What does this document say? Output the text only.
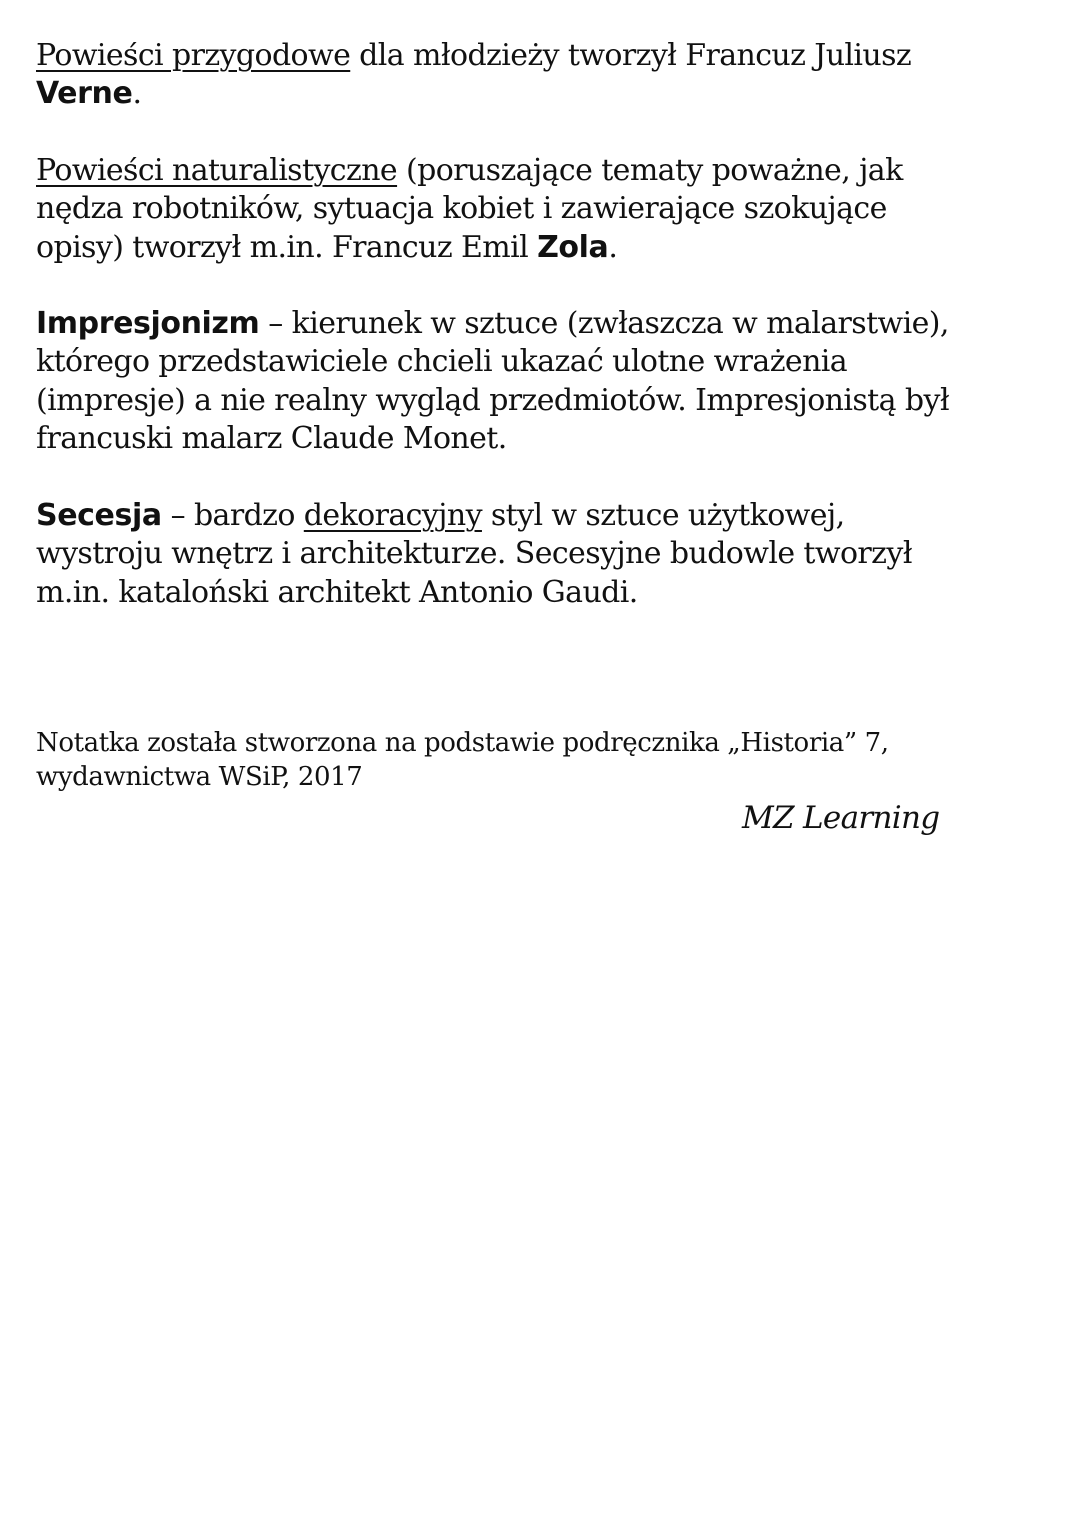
Powieści przygodowe dla młodzieży tworzył Francuz Juliusz
Verne.
Powieści naturalistyczne (poruszające tematy poważne, jak
nędza robotników, sytuacja kobiet i zawierające szokujące
opisy) tworzył m.in. Francuz Emil Zola.
Impresjonizm – kierunek w sztuce (zwłaszcza w malarstwie),
którego przedstawiciele chcieli ukazać ulotne wrażenia
(impresje) a nie realny wygląd przedmiotów. Impresjonistą był
francuski malarz Claude Monet.
Secesja – bardzo dekoracyjny styl w sztuce użytkowej,
wystroju wnętrz i architekturze. Secesyjne budowle tworzył
m.in. kataloński architekt Antonio Gaudi.
Notatka została stworzona na podstawie podręcznika „Historia” 7,
wydawnictwa WSiP, 2017
MZ Learning
